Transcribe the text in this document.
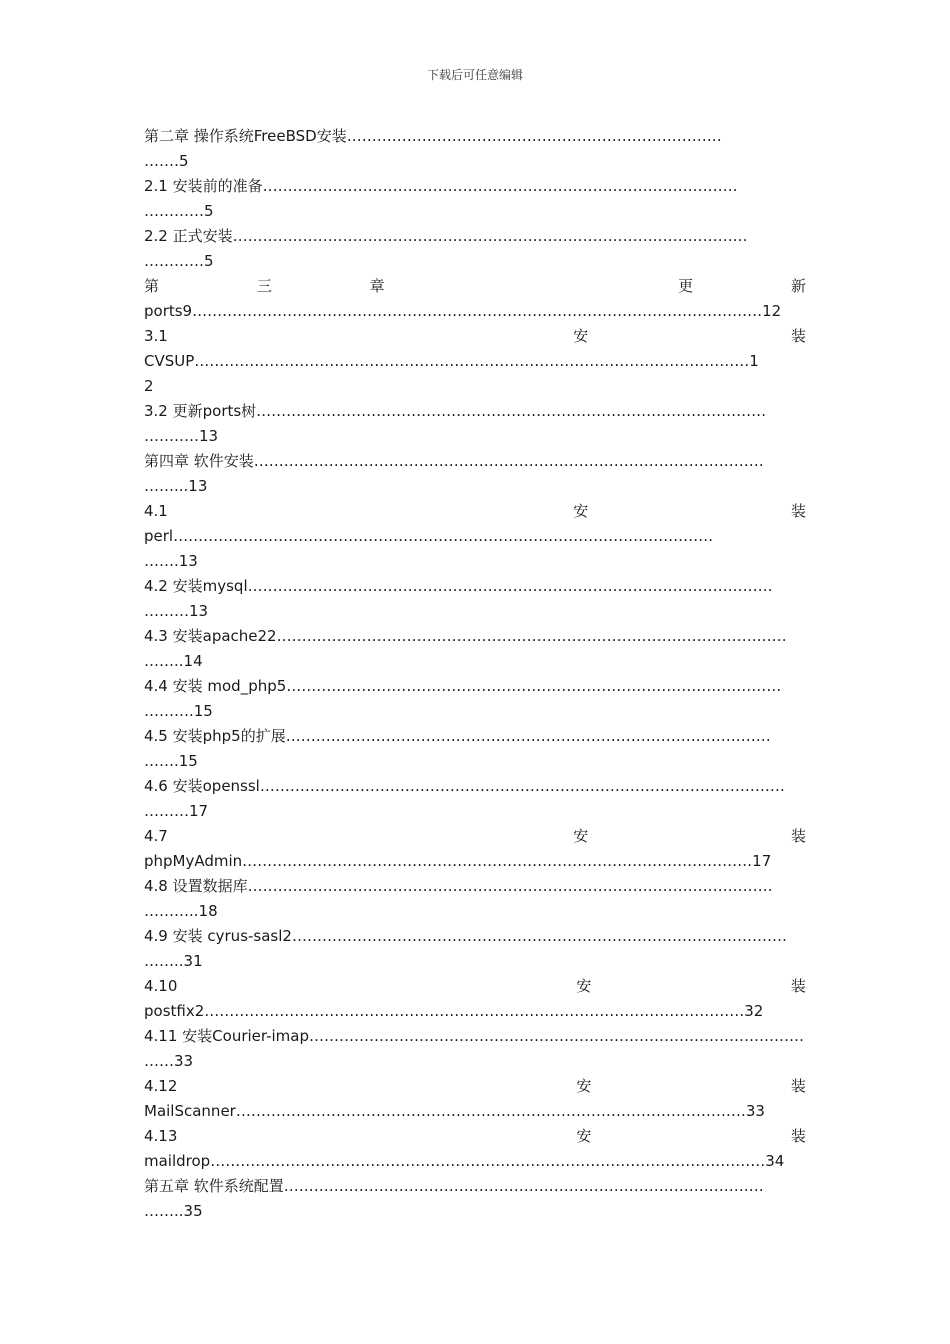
下载后可任意编辑
第二章 操作系统FreeBSD安装…………………………………………………………………
……․5
2.1 安装前的准备…………………………………………………………………………………‥
…………5
2.2 正式安装………………………………………………………………………………………․…
…………5
第	三	章	更	新
ports9……………………………………………………………………………………………………12
3.1	安	装
CVSUP…………………………………………………………………………………………………1
2
3.2 更新ports树…………………………………………………………………………………………
………‥13
第四章 软件安装…………………………………………………………………………………………
……...13
4.1	安	装
perl………………………………………………………………………………………………
…….13
4.2 安装mysql……………………………………………………………………………………………
………13
4.3 安装apache22…………………………………………………………………………………………
……..14
4.4 安装 mod_php5………………………………………………………………………………………
……….15
4.5 安装php5的扩展…………………………………………………………………………․…………
…….15
4.6 安装openssl……………………………………………………………………………………………
………17
4.7	安	装
phpMyAdmin…………………………………………………………………………………………17
4.8 设置数据库……………………………………………………………………………………………
………..18
4.9 安装 cyrus-sasl2………………………………………………………………………………………
……..31
4.10	安	装
postfix2………………………………………………………………………………………………32
4.11 安装Courier-imap………………………………………………………………………………………
……33
4.12	安	装
MailScanner…………………………………………………………………………………………33
4.13	安	装
maildrop…………………………………………………………………………………………………34
第五章 软件系统配置……………………………………………………………………………………
……..35
